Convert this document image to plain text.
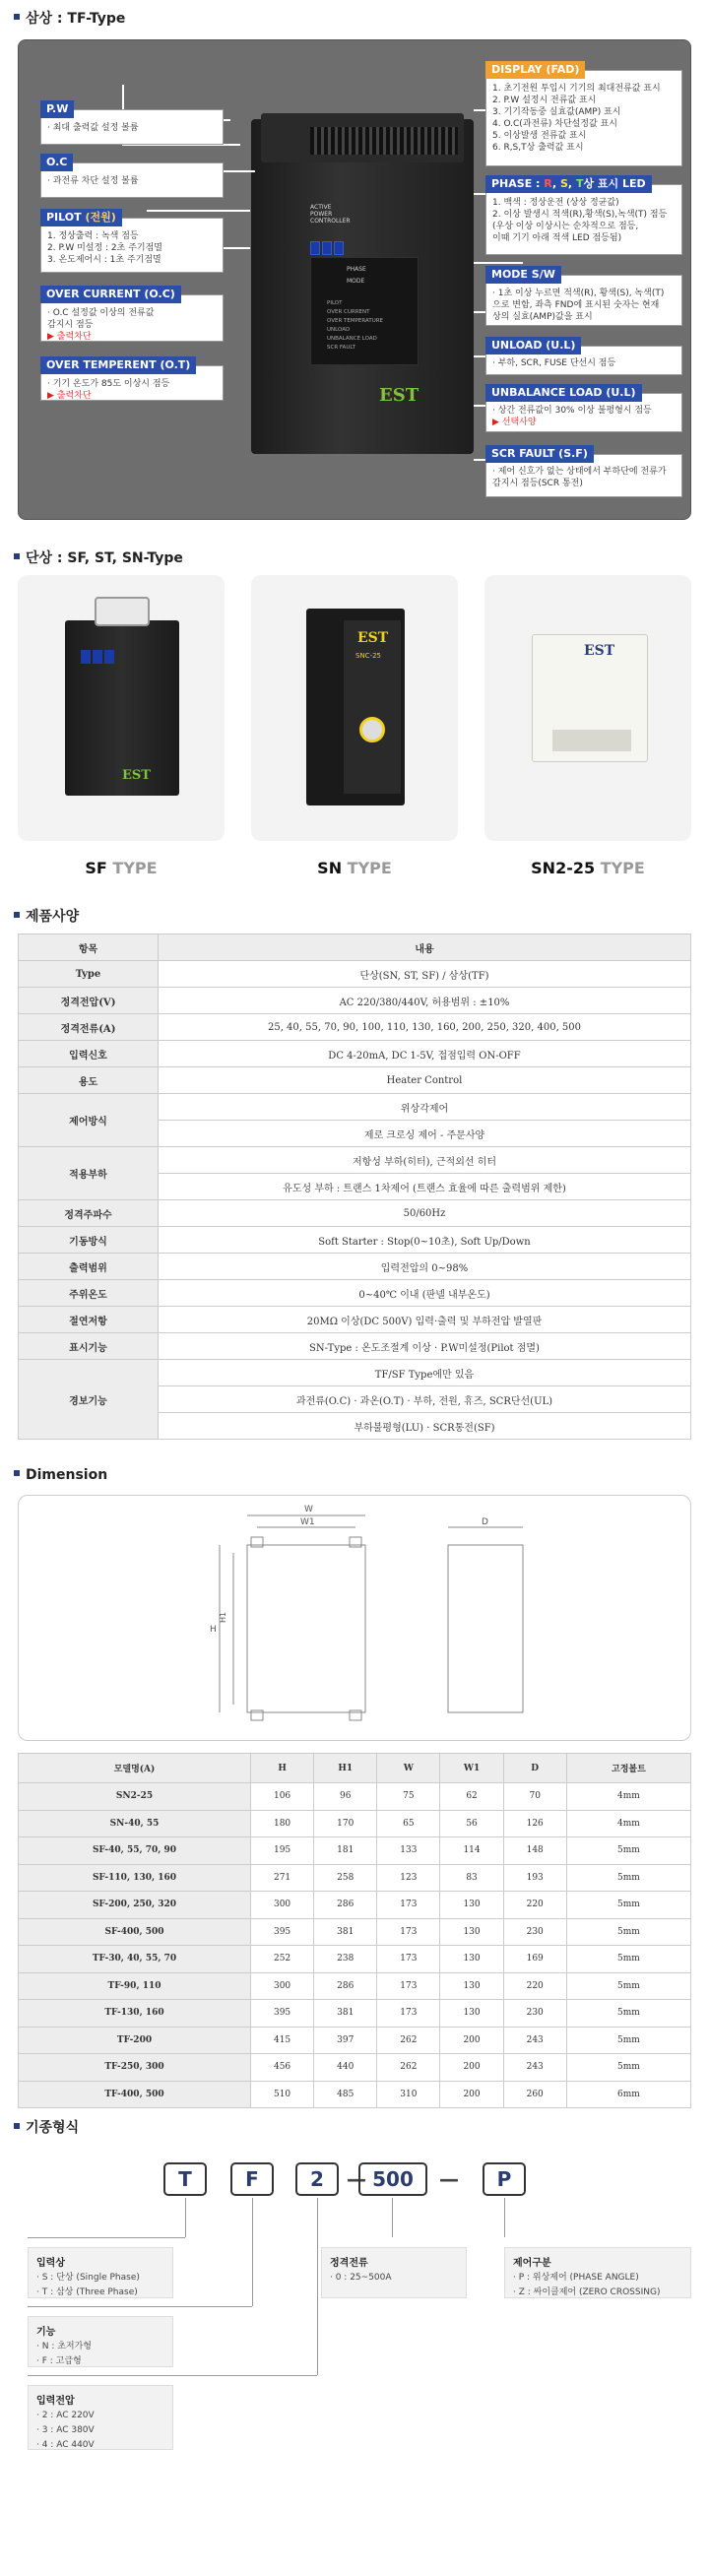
삼상 : TF-Type
ACTIVE POWER CONTROLLER
PHASE
MODE
PILOT
OVER CURRENT
OVER TEMPERATURE
UNLOAD
UNBALANCE LOAD
SCR FAULT
EST
P.W
· 최대 출력값 설정 볼륨
O.C
· 과전류 차단 설정 볼륨
PILOT (전원)
1. 정상출력 : 녹색 점등
2. P.W 미설정 : 2초 주기점멸
3. 온도제어시 : 1초 주기점멸
OVER CURRENT (O.C)
· O.C 설정값 이상의 전류값
감지시 점등
▶ 출력차단
OVER TEMPERENT (O.T)
· 기기 온도가 85도 이상시 점등
▶ 출력차단
DISPLAY (FAD)
1. 초기전원 투입시 기기의 최대전류값 표시
2. P.W 설정시 전류값 표시
3. 기기작동중 실효값(AMP) 표시
4. O.C(과전류) 차단설정값 표시
5. 이상발생 전류값 표시
6. R,S,T상 출력값 표시
PHASE : R, S, T상 표시 LED
1. 백색 : 정상운전 (상상 정균값)
2. 이상 발생시 적색(R),황색(S),녹색(T) 점등
(우상 이상 이상시는 순차적으로 점등,
이때 기기 아래 적색 LED 점등됨)
MODE S/W
· 1초 이상 누르면 적색(R), 황색(S), 녹색(T)
으로 변함, 좌측 FND에 표시된 숫자는 현재
상의 실효(AMP)값을 표시
UNLOAD (U.L)
· 부하, SCR, FUSE 단선시 점등
UNBALANCE LOAD (U.L)
· 상간 전류값이 30% 이상 불평형시 점등
▶ 선택사양
SCR FAULT (S.F)
· 제어 신호가 없는 상태에서 부하단에 전류가
감지시 점등(SCR 통전)
단상 : SF, ST, SN-Type
EST
EST
SNC-25	EST
SF TYPE	SN TYPE	SN2-25 TYPE
제품사양
항목	내용
Type	단상(SN, ST, SF) / 삼상(TF)
정격전압(V)	AC 220/380/440V, 허용범위 : ±10%
정격전류(A)	25, 40, 55, 70, 90, 100, 110, 130, 160, 200, 250, 320, 400, 500
입력신호	DC 4-20mA, DC 1-5V, 접점입력 ON-OFF
용도	Heater Control
제어방식	위상각제어
	제로 크로싱 제어 - 주문사양
적용부하	저항성 부하(히터), 근적외선 히터
	유도성 부하 : 트랜스 1차제어 (트랜스 효율에 따른 출력범위 제한)
정격주파수	50/60Hz
기동방식	Soft Starter : Stop(0~10초), Soft Up/Down
출력범위	입력전압의 0~98%
주위온도	0~40℃ 이내 (판넬 내부온도)
절연저항	20MΩ 이상(DC 500V) 입력·출력 및 부하전압 발열판
표시기능	SN-Type : 온도조절계 이상 · P.W미설정(Pilot 점멸)
경보기능	TF/SF Type에만 있음
	과전류(O.C) · 과온(O.T) · 부하, 전원, 휴즈, SCR단선(UL)
	부하불평형(LU) · SCR통전(SF)
Dimension
W
W1
H
H1
D
모델명(A)	H	H1	W	W1	D	고정볼트
SN2-25	106	96	75	62	70	4mm
SN-40, 55	180	170	65	56	126	4mm
SF-40, 55, 70, 90	195	181	133	114	148	5mm
SF-110, 130, 160	271	258	123	83	193	5mm
SF-200, 250, 320	300	286	173	130	220	5mm
SF-400, 500	395	381	173	130	230	5mm
TF-30, 40, 55, 70	252	238	173	130	169	5mm
TF-90, 110	300	286	173	130	220	5mm
TF-130, 160	395	381	173	130	230	5mm
TF-200	415	397	262	200	243	5mm
TF-250, 300	456	440	262	200	243	5mm
TF-400, 500	510	485	310	200	260	6mm
기종형식
T	F	2	— 500	—	P
입력상
· S : 단상 (Single Phase)
· T : 삼상 (Three Phase)
정격전류
· 0 : 25~500A
제어구분
· P : 위상제어 (PHASE ANGLE)
· Z : 싸이클제어 (ZERO CROSSING)
기능
· N : 초저가형
· F : 고급형
입력전압
· 2 : AC 220V
· 3 : AC 380V
· 4 : AC 440V
